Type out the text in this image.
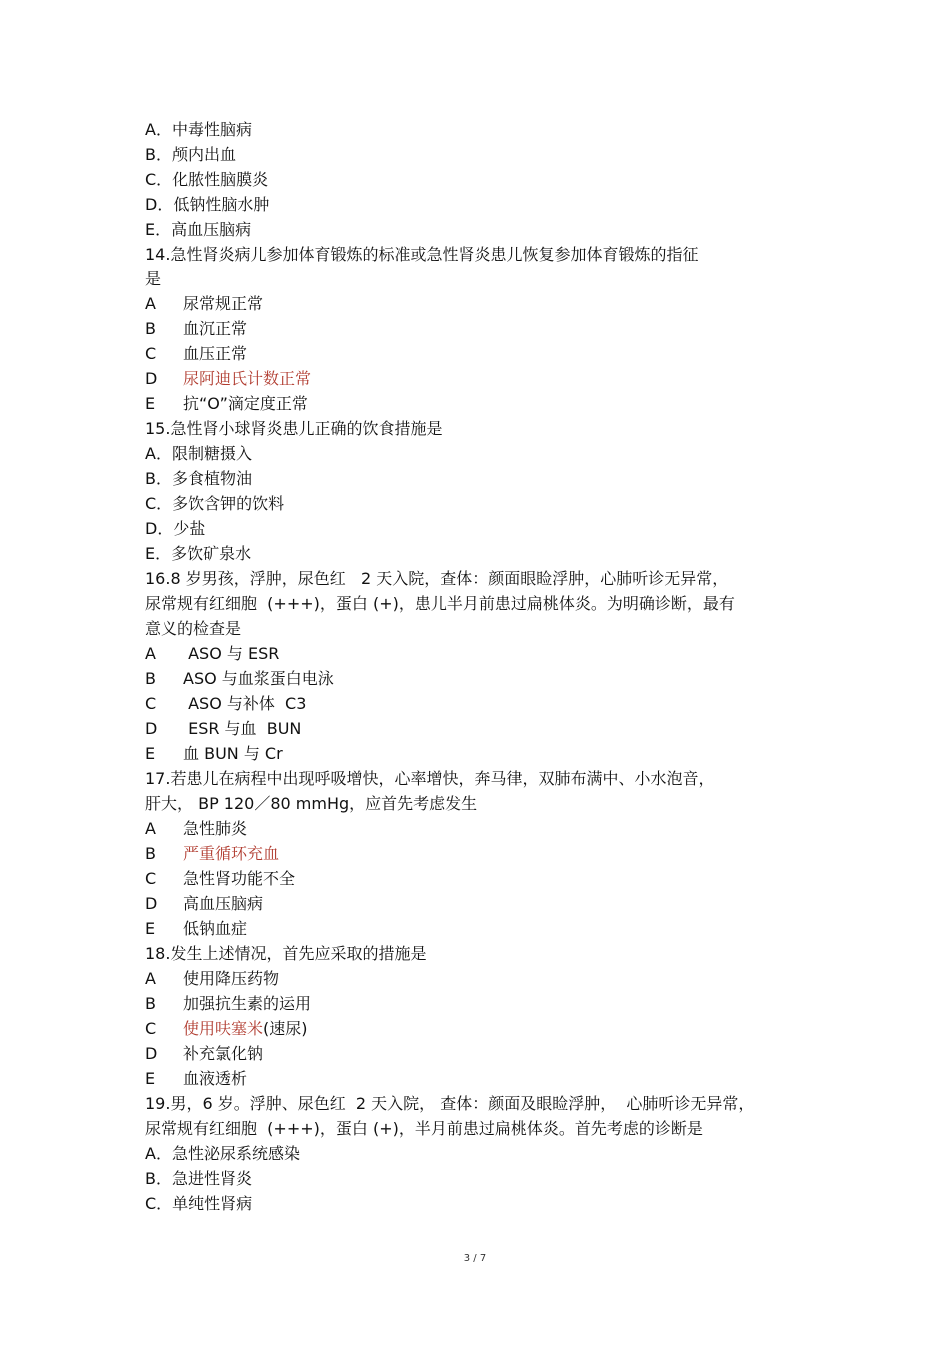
A．中毒性脑病
B．颅内出血
C．化脓性脑膜炎
D．低钠性脑水肿
E．高血压脑病
14.急性肾炎病儿参加体育锻炼的标准或急性肾炎患儿恢复参加体育锻炼的指征
是
A 尿常规正常
B 血沉正常
C 血压正常
D 尿阿迪氏计数正常
E 抗“O”滴定度正常
15.急性肾小球肾炎患儿正确的饮食措施是
A．限制糖摄入
B．多食植物油
C．多饮含钾的饮料
D．少盐
E．多饮矿泉水
16.8 岁男孩，浮肿，尿色红   2 天入院，查体：颜面眼睑浮肿，心肺听诊无异常，
尿常规有红细胞  (+++)，蛋白 (+)，患儿半月前患过扁桃体炎。为明确诊断，最有
意义的检查是
A ASO 与 ESR
B ASO 与血浆蛋白电泳
C ASO 与补体  C3
D ESR 与血  BUN
E 血 BUN 与 Cr
17.若患儿在病程中出现呼吸增快，心率增快，奔马律，双肺布满中、小水泡音，
肝大， BP 120／80 mmHg，应首先考虑发生
A 急性肺炎
B 严重循环充血
C 急性肾功能不全
D 高血压脑病
E 低钠血症
18.发生上述情况，首先应采取的措施是
A 使用降压药物
B 加强抗生素的运用
C 使用呋塞米(速尿)
D 补充氯化钠
E 血液透析
19.男，6 岁。浮肿、尿色红  2 天入院， 查体：颜面及眼睑浮肿，  心肺听诊无异常，
尿常规有红细胞  (+++)，蛋白 (+)，半月前患过扁桃体炎。首先考虑的诊断是
A．急性泌尿系统感染
B．急进性肾炎
C．单纯性肾病
3 / 7
